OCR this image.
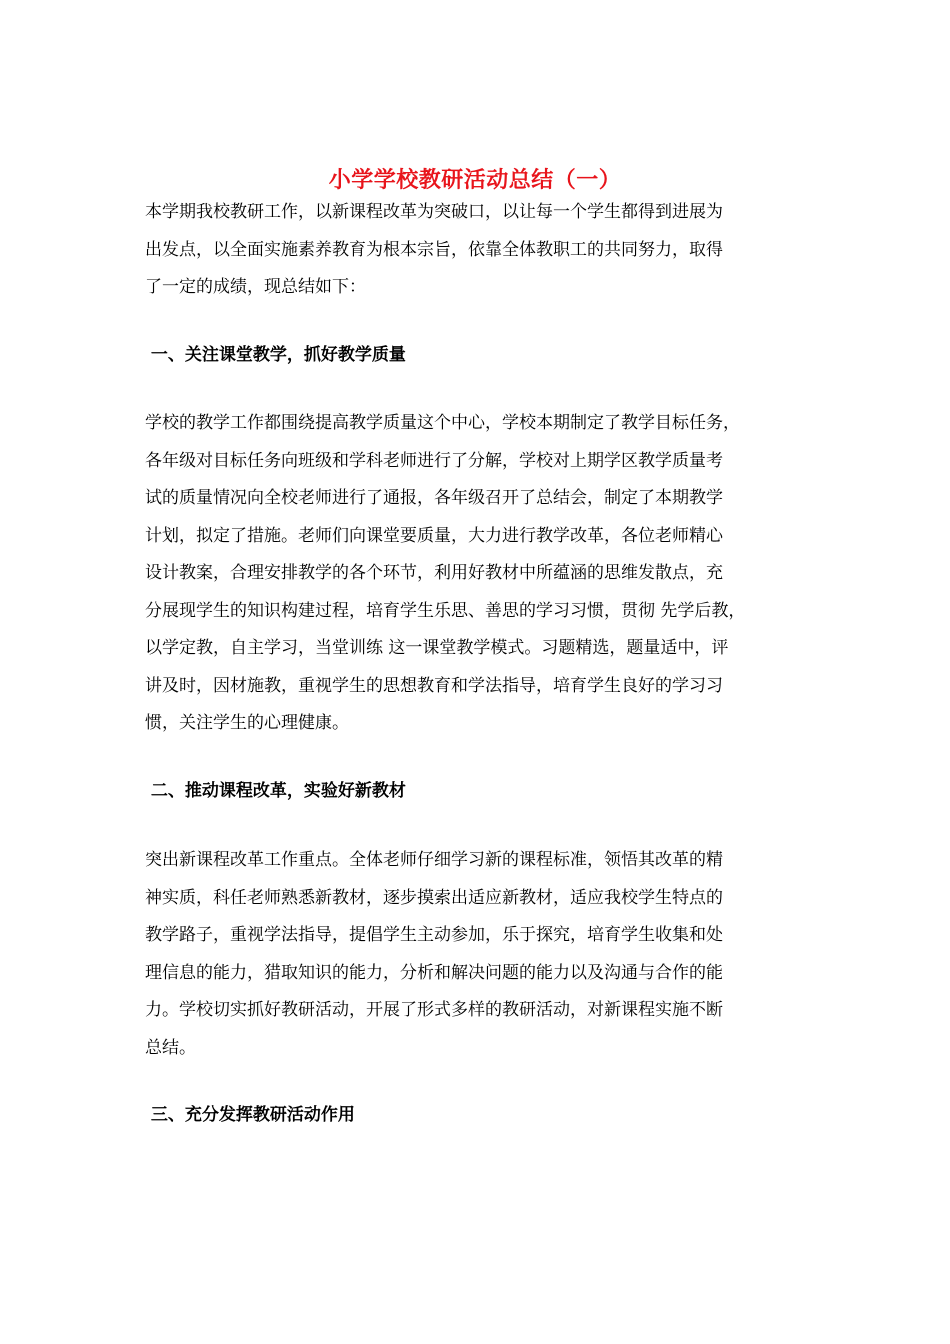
小学学校教研活动总结（一）

本学期我校教研工作，以新课程改革为突破口，以让每一个学生都得到进展为
出发点，以全面实施素养教育为根本宗旨，依靠全体教职工的共同努力，取得
了一定的成绩，现总结如下：

一、关注课堂教学，抓好教学质量

学校的教学工作都围绕提高教学质量这个中心，学校本期制定了教学目标任务，
各年级对目标任务向班级和学科老师进行了分解，学校对上期学区教学质量考
试的质量情况向全校老师进行了通报，各年级召开了总结会，制定了本期教学
计划，拟定了措施。老师们向课堂要质量，大力进行教学改革，各位老师精心
设计教案，合理安排教学的各个环节，利用好教材中所蕴涵的思维发散点，充
分展现学生的知识构建过程，培育学生乐思、善思的学习习惯，贯彻 先学后教，
以学定教，自主学习，当堂训练 这一课堂教学模式。习题精选，题量适中，评
讲及时，因材施教，重视学生的思想教育和学法指导，培育学生良好的学习习
惯，关注学生的心理健康。

二、推动课程改革，实验好新教材

突出新课程改革工作重点。全体老师仔细学习新的课程标准，领悟其改革的精
神实质，科任老师熟悉新教材，逐步摸索出适应新教材，适应我校学生特点的
教学路子，重视学法指导，提倡学生主动参加，乐于探究，培育学生收集和处
理信息的能力，猎取知识的能力，分析和解决问题的能力以及沟通与合作的能
力。学校切实抓好教研活动，开展了形式多样的教研活动，对新课程实施不断
总结。

三、充分发挥教研活动作用
